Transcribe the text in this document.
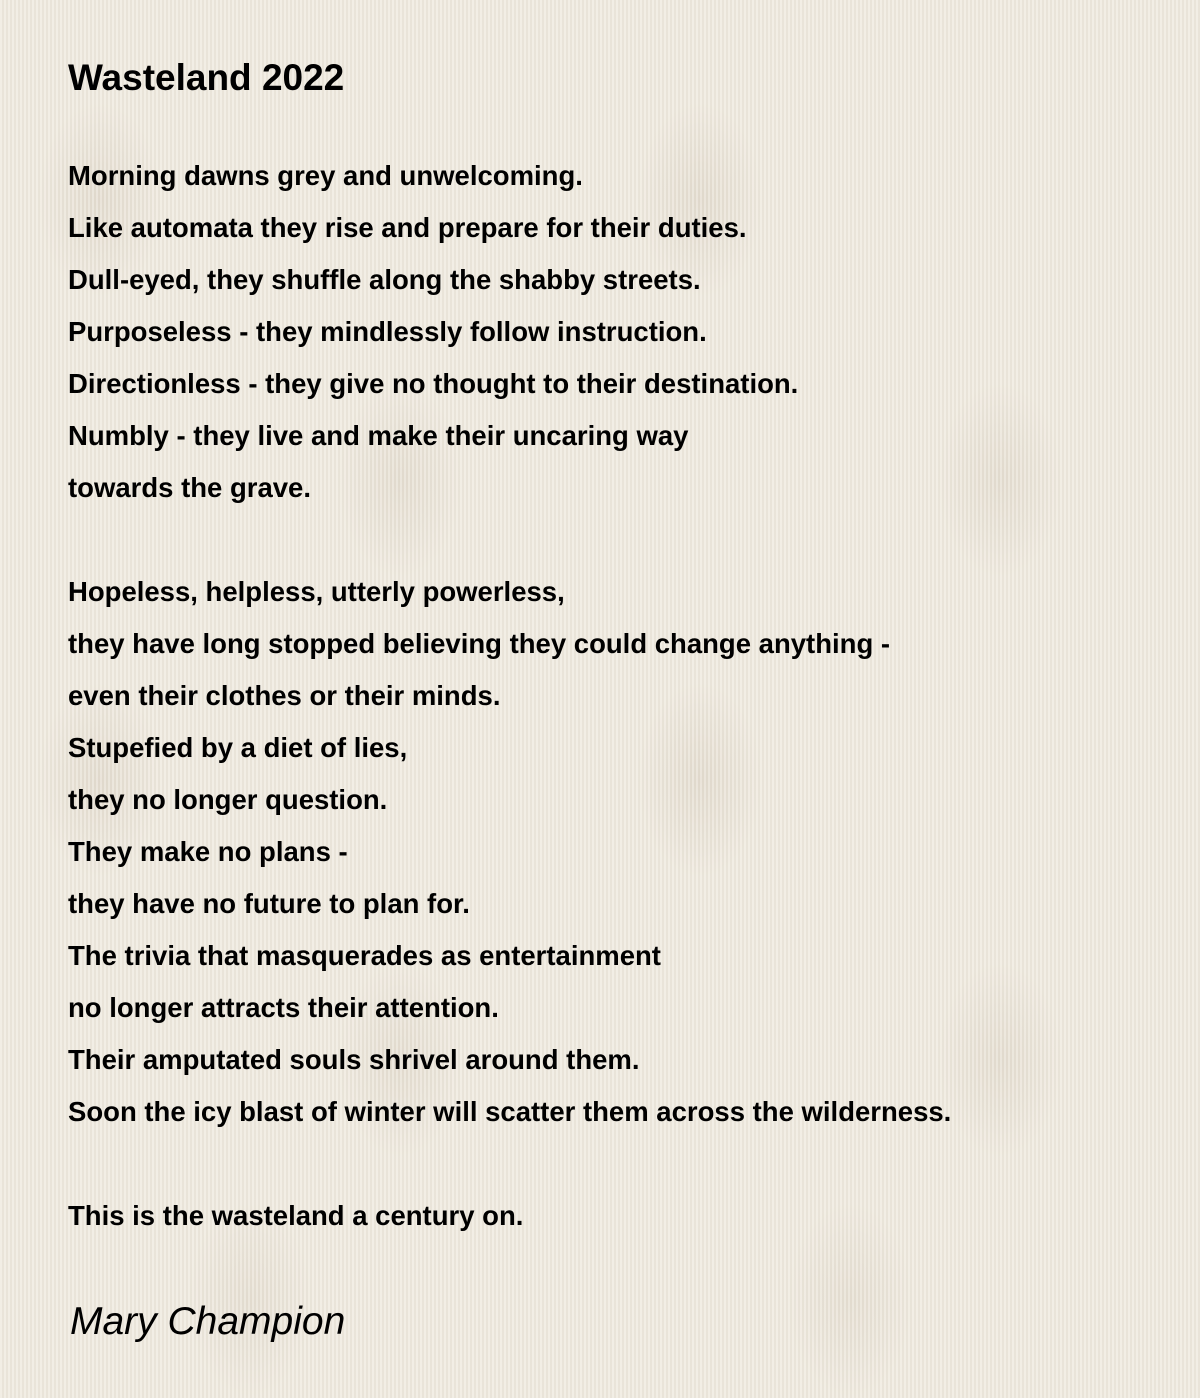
Wasteland 2022
Morning dawns grey and unwelcoming.
Like automata they rise and prepare for their duties.
Dull-eyed, they shuffle along the shabby streets.
Purposeless - they mindlessly follow instruction.
Directionless - they give no thought to their destination.
Numbly - they live and make their uncaring way
towards the grave.
Hopeless, helpless, utterly powerless,
they have long stopped believing they could change anything -
even their clothes or their minds.
Stupefied by a diet of lies,
they no longer question.
They make no plans -
they have no future to plan for.
The trivia that masquerades as entertainment
no longer attracts their attention.
Their amputated souls shrivel around them.
Soon the icy blast of winter will scatter them across the wilderness.
This is the wasteland a century on.
Mary Champion
